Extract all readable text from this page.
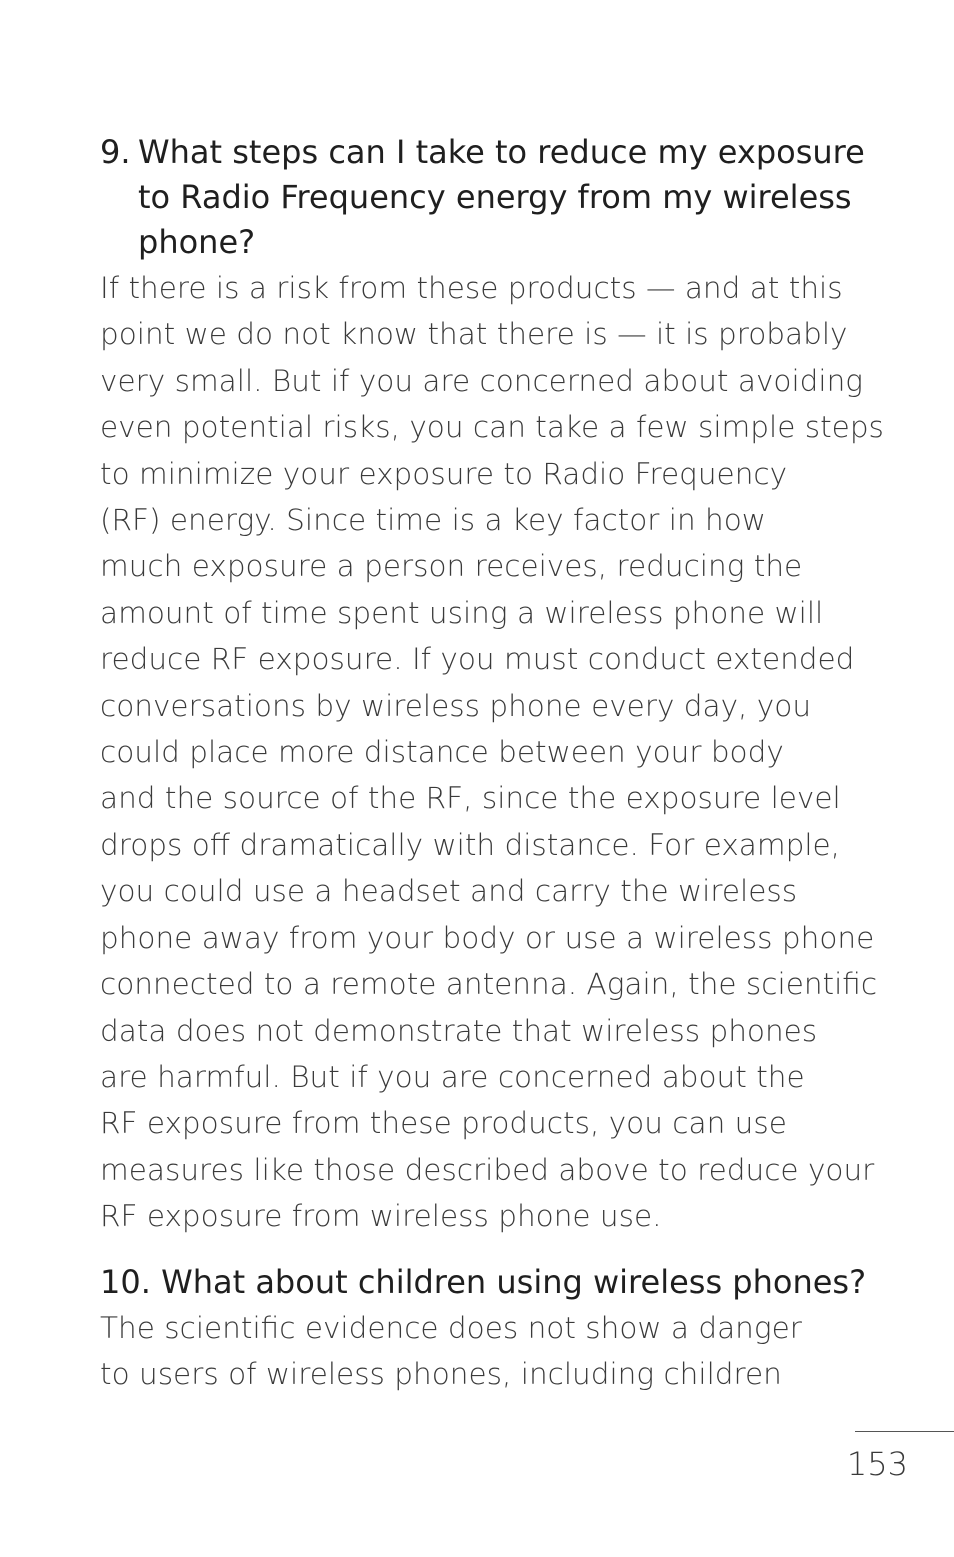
9. What steps can I take to reduce my exposure
to Radio Frequency energy from my wireless
phone?

If there is a risk from these products — and at this

point we do not know that there is — it is probably

very small. But if you are concerned about avoiding

even potential risks, you can take a few simple steps

to minimize your exposure to Radio Frequency

(RF) energy. Since time is a key factor in how

much exposure a person receives, reducing the

amount of time spent using a wireless phone will

reduce RF exposure. If you must conduct extended

conversations by wireless phone every day, you

could place more distance between your body

and the source of the RF, since the exposure level

drops off dramatically with distance. For example,

you could use a headset and carry the wireless

phone away from your body or use a wireless phone

connected to a remote antenna. Again, the scientific

data does not demonstrate that wireless phones

are harmful. But if you are concerned about the

RF exposure from these products, you can use

measures like those described above to reduce your

RF exposure from wireless phone use.

10. What about children using wireless phones?

The scientific evidence does not show a danger

to users of wireless phones, including children

153
